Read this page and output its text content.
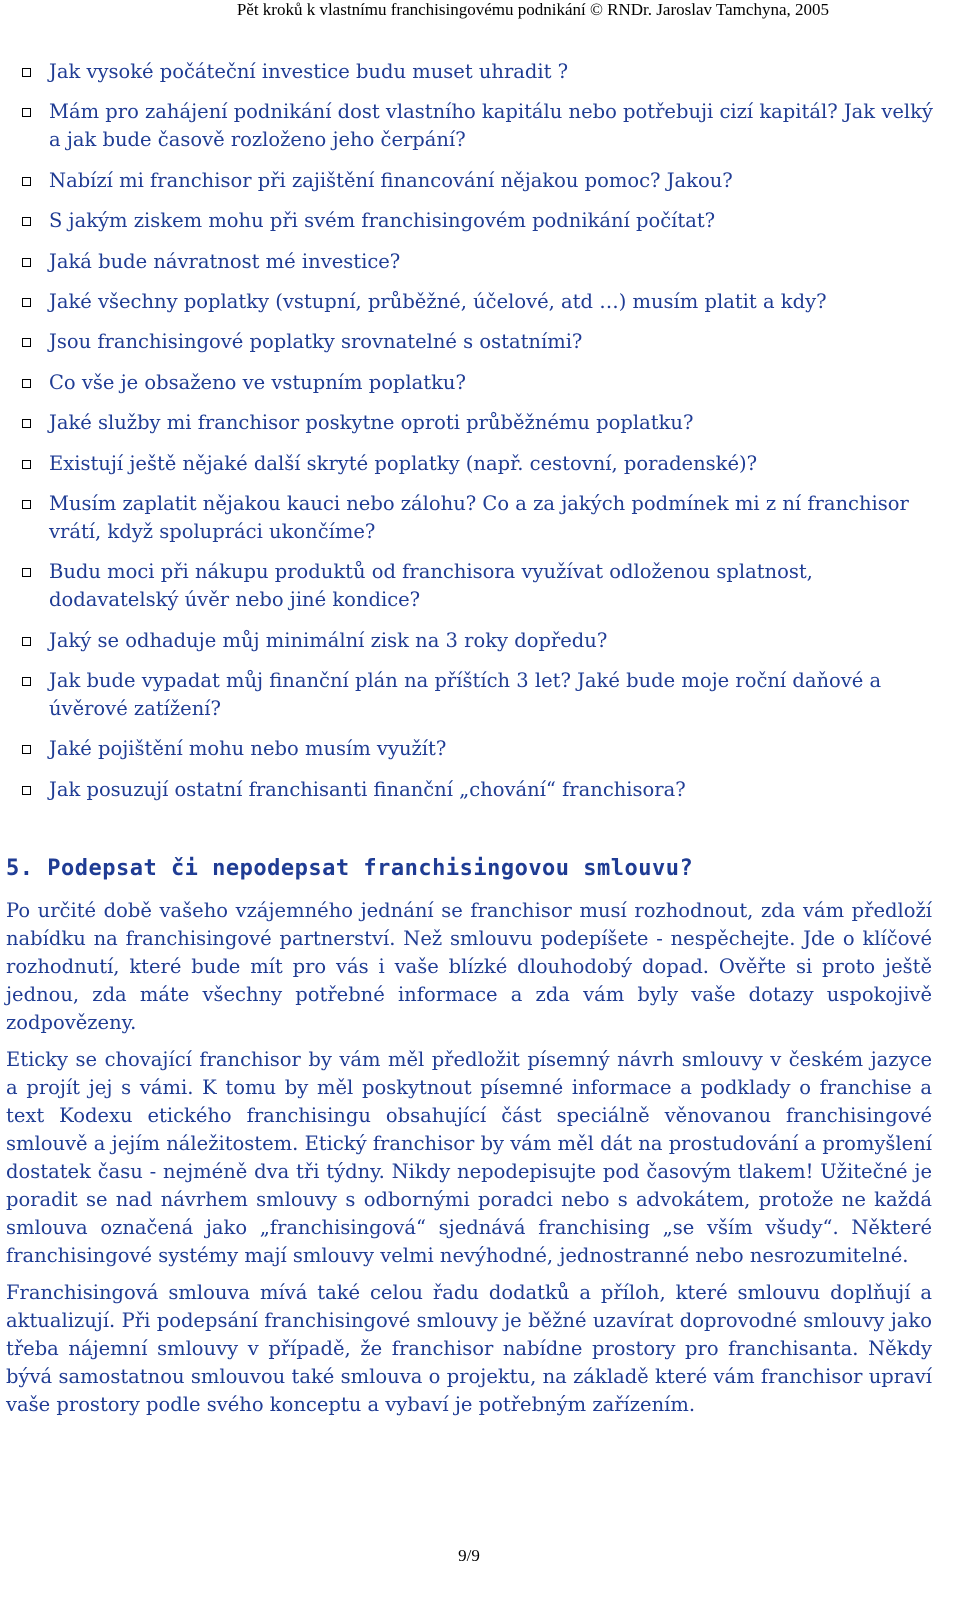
Pět kroků k vlastnímu franchisingovému podnikání © RNDr. Jaroslav Tamchyna, 2005
Jak vysoké počáteční investice budu muset uhradit ?
Mám pro zahájení podnikání dost vlastního kapitálu nebo potřebuji cizí kapitál? Jak velký a jak bude časově rozloženo jeho čerpání?
Nabízí mi franchisor při zajištění financování nějakou pomoc? Jakou?
S jakým ziskem mohu při svém franchisingovém podnikání počítat?
Jaká bude návratnost mé investice?
Jaké všechny poplatky (vstupní, průběžné, účelové, atd …) musím platit a kdy?
Jsou franchisingové poplatky srovnatelné s ostatními?
Co vše je obsaženo ve vstupním poplatku?
Jaké služby mi franchisor poskytne oproti průběžnému poplatku?
Existují ještě nějaké další skryté poplatky (např. cestovní, poradenské)?
Musím zaplatit nějakou kauci nebo zálohu? Co a za jakých podmínek mi z ní franchisor vrátí, když spolupráci ukončíme?
Budu moci při nákupu produktů od franchisora využívat odloženou splatnost, dodavatelský úvěr nebo jiné kondice?
Jaký se odhaduje můj minimální zisk na 3 roky dopředu?
Jak bude vypadat můj finanční plán na příštích 3 let? Jaké bude moje roční daňové a úvěrové zatížení?
Jaké pojištění mohu nebo musím využít?
Jak posuzují ostatní franchisanti finanční „chování“ franchisora?
5. Podepsat či nepodepsat franchisingovou smlouvu?

Po určité době vašeho vzájemného jednání se franchisor musí rozhodnout, zda vám předloží nabídku na franchisingové partnerství. Než smlouvu podepíšete - nespěchejte. Jde o klíčové rozhodnutí, které bude mít pro vás i vaše blízké dlouhodobý dopad. Ověřte si proto ještě jednou, zda máte všechny potřebné informace a zda vám byly vaše dotazy uspokojivě zodpovězeny.

Eticky se chovající franchisor by vám měl předložit písemný návrh smlouvy v českém jazyce a projít jej s vámi. K tomu by měl poskytnout písemné informace a podklady o franchise a text Kodexu etického franchisingu obsahující část speciálně věnovanou franchisingové smlouvě a jejím náležitostem. Etický franchisor by vám měl dát na prostudování a promyšlení dostatek času - nejméně dva tři týdny. Nikdy nepodepisujte pod časovým tlakem! Užitečné je poradit se nad návrhem smlouvy s odbornými poradci nebo s advokátem, protože ne každá smlouva označená jako „franchisingová“ sjednává franchising „se vším všudy“. Některé franchisingové systémy mají smlouvy velmi nevýhodné, jednostranné nebo nesrozumitelné.

Franchisingová smlouva mívá také celou řadu dodatků a příloh, které smlouvu doplňují a aktualizují. Při podepsání franchisingové smlouvy je běžné uzavírat doprovodné smlouvy jako třeba nájemní smlouvy v případě, že franchisor nabídne prostory pro franchisanta. Někdy bývá samostatnou smlouvou také smlouva o projektu, na základě které vám franchisor upraví vaše prostory podle svého konceptu a vybaví je potřebným zařízením.

9/9
